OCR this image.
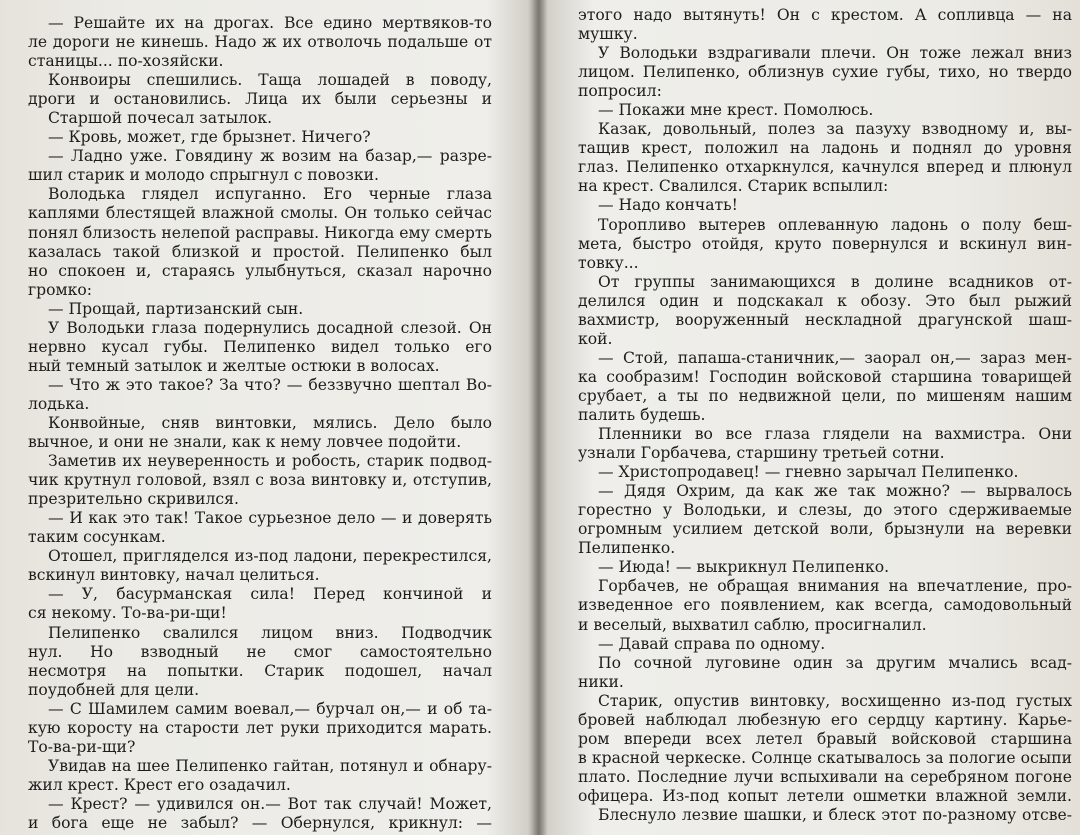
— Решайте их на дрогах. Все едино мертвяков-то
ле дороги не кинешь. Надо ж их отволочь подальше от
станицы... по-хозяйски.
Конвоиры спешились. Таща лошадей в поводу,
дроги и остановились. Лица их были серьезны и
Старшой почесал затылок.
— Кровь, может, где брызнет. Ничего?
— Ладно уже. Говядину ж возим на базар,— разре-
шил старик и молодо спрыгнул с повозки.
Володька глядел испуганно. Его черные глаза
каплями блестящей влажной смолы. Он только сейчас
понял близость нелепой расправы. Никогда ему смерть
казалась такой близкой и простой. Пелипенко был
но спокоен и, стараясь улыбнуться, сказал нарочно
громко:
— Прощай, партизанский сын.
У Володьки глаза подернулись досадной слезой. Он
нервно кусал губы. Пелипенко видел только его
ный темный затылок и желтые остюки в волосах.
— Что ж это такое? За что? — беззвучно шептал Во-
лодька.
Конвойные, сняв винтовки, мялись. Дело было
вычное, и они не знали, как к нему ловчее подойти.
Заметив их неуверенность и робость, старик подвод-
чик крутнул головой, взял с воза винтовку и, отступив,
презрительно скривился.
— И как это так! Такое сурьезное дело — и доверять
таким сосункам.
Отошел, пригляделся из-под ладони, перекрестился,
вскинул винтовку, начал целиться.
— У, басурманская сила! Перед кончиной и
ся некому. То-ва-ри-щи!
Пелипенко свалился лицом вниз. Подводчик
нул. Но взводный не смог самостоятельно
несмотря на попытки. Старик подошел, начал
поудобней для цели.
— С Шамилем самим воевал,— бурчал он,— и об та-
кую коросту на старости лет руки приходится марать.
То-ва-ри-щи?
Увидав на шее Пелипенко гайтан, потянул и обнару-
жил крест. Крест его озадачил.
— Крест? — удивился он.— Вот так случай! Может,
и бога еще не забыл? — Обернулся, крикнул: —
этого надо вытянуть! Он с крестом. А сопливца — на
мушку.
У Володьки вздрагивали плечи. Он тоже лежал вниз
лицом. Пелипенко, облизнув сухие губы, тихо, но твердо
попросил:
— Покажи мне крест. Помолюсь.
Казак, довольный, полез за пазуху взводному и, вы-
тащив крест, положил на ладонь и поднял до уровня
глаз. Пелипенко отхаркнулся, качнулся вперед и плюнул
на крест. Свалился. Старик вспылил:
— Надо кончать!
Торопливо вытерев оплеванную ладонь о полу беш-
мета, быстро отойдя, круто повернулся и вскинул вин-
товку...
От группы занимающихся в долине всадников от-
делился один и подскакал к обозу. Это был рыжий
вахмистр, вооруженный нескладной драгунской шаш-
кой.
— Стой, папаша-станичник,— заорал он,— зараз мен-
ка сообразим! Господин войсковой старшина товарищей
срубает, а ты по недвижной цели, по мишеням нашим
палить будешь.
Пленники во все глаза глядели на вахмистра. Они
узнали Горбачева, старшину третьей сотни.
— Христопродавец! — гневно зарычал Пелипенко.
— Дядя Охрим, да как же так можно? — вырвалось
горестно у Володьки, и слезы, до этого сдерживаемые
огромным усилием детской воли, брызнули на веревки
Пелипенко.
— Июда! — выкрикнул Пелипенко.
Горбачев, не обращая внимания на впечатление, про-
изведенное его появлением, как всегда, самодовольный
и веселый, выхватил саблю, просигналил.
— Давай справа по одному.
По сочной луговине один за другим мчались всад-
ники.
Старик, опустив винтовку, восхищенно из-под густых
бровей наблюдал любезную его сердцу картину. Карье-
ром впереди всех летел бравый войсковой старшина
в красной черкеске. Солнце скатывалось за пологие осыпи
плато. Последние лучи вспыхивали на серебряном погоне
офицера. Из-под копыт летели ошметки влажной земли.
Блеснуло лезвие шашки, и блеск этот по-разному отсве-
